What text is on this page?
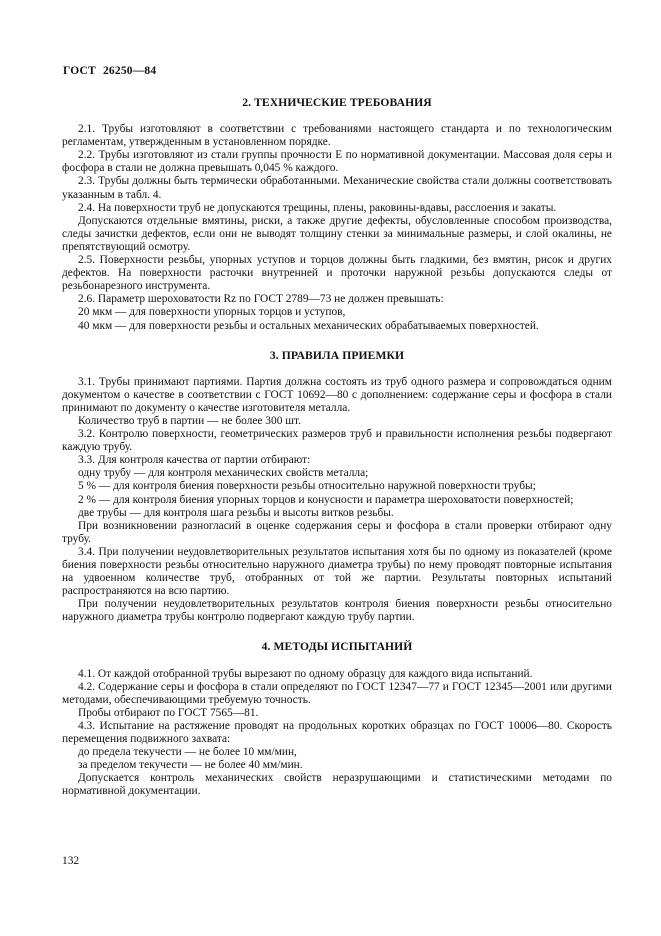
ГОСТ 26250—84
2. ТЕХНИЧЕСКИЕ ТРЕБОВАНИЯ

2.1. Трубы изготовляют в соответствии с требованиями настоящего стандарта и по технологическим регламентам, утвержденным в установленном порядке.

2.2. Трубы изготовляют из стали группы прочности Е по нормативной документации. Массовая доля серы и фосфора в стали не должна превышать 0,045 % каждого.

2.3. Трубы должны быть термически обработанными. Механические свойства стали должны соответствовать указанным в табл. 4.

2.4. На поверхности труб не допускаются трещины, плены, раковины-вдавы, расслоения и закаты.

Допускаются отдельные вмятины, риски, а также другие дефекты, обусловленные способом производства, следы зачистки дефектов, если они не выводят толщину стенки за минимальные размеры, и слой окалины, не препятствующий осмотру.

2.5. Поверхности резьбы, упорных уступов и торцов должны быть гладкими, без вмятин, рисок и других дефектов. На поверхности расточки внутренней и проточки наружной резьбы допускаются следы от резьбонарезного инструмента.

2.6. Параметр шероховатости Rz по ГОСТ 2789—73 не должен превышать:

20 мкм — для поверхности упорных торцов и уступов,

40 мкм — для поверхности резьбы и остальных механических обрабатываемых поверхностей.

3. ПРАВИЛА ПРИЕМКИ

3.1. Трубы принимают партиями. Партия должна состоять из труб одного размера и сопровождаться одним документом о качестве в соответствии с ГОСТ 10692—80 с дополнением: содержание серы и фосфора в стали принимают по документу о качестве изготовителя металла.

Количество труб в партии — не более 300 шт.

3.2. Контролю поверхности, геометрических размеров труб и правильности исполнения резьбы подвергают каждую трубу.

3.3. Для контроля качества от партии отбирают:

одну трубу — для контроля механических свойств металла;

5 % — для контроля биения поверхности резьбы относительно наружной поверхности трубы;

2 % — для контроля биения упорных торцов и конусности и параметра шероховатости поверхностей;

две трубы — для контроля шага резьбы и высоты витков резьбы.

При возникновении разногласий в оценке содержания серы и фосфора в стали проверки отбирают одну трубу.

3.4. При получении неудовлетворительных результатов испытания хотя бы по одному из показателей (кроме биения поверхности резьбы относительно наружного диаметра трубы) по нему проводят повторные испытания на удвоенном количестве труб, отобранных от той же партии. Результаты повторных испытаний распространяются на всю партию.

При получении неудовлетворительных результатов контроля биения поверхности резьбы относительно наружного диаметра трубы контролю подвергают каждую трубу партии.

4. МЕТОДЫ ИСПЫТАНИЙ

4.1. От каждой отобранной трубы вырезают по одному образцу для каждого вида испытаний.

4.2. Содержание серы и фосфора в стали определяют по ГОСТ 12347—77 и ГОСТ 12345—2001 или другими методами, обеспечивающими требуемую точность.

Пробы отбирают по ГОСТ 7565—81.

4.3. Испытание на растяжение проводят на продольных коротких образцах по ГОСТ 10006—80. Скорость перемещения подвижного захвата:

до предела текучести — не более 10 мм/мин,

за пределом текучести — не более 40 мм/мин.

Допускается контроль механических свойств неразрушающими и статистическими методами по нормативной документации.

132
